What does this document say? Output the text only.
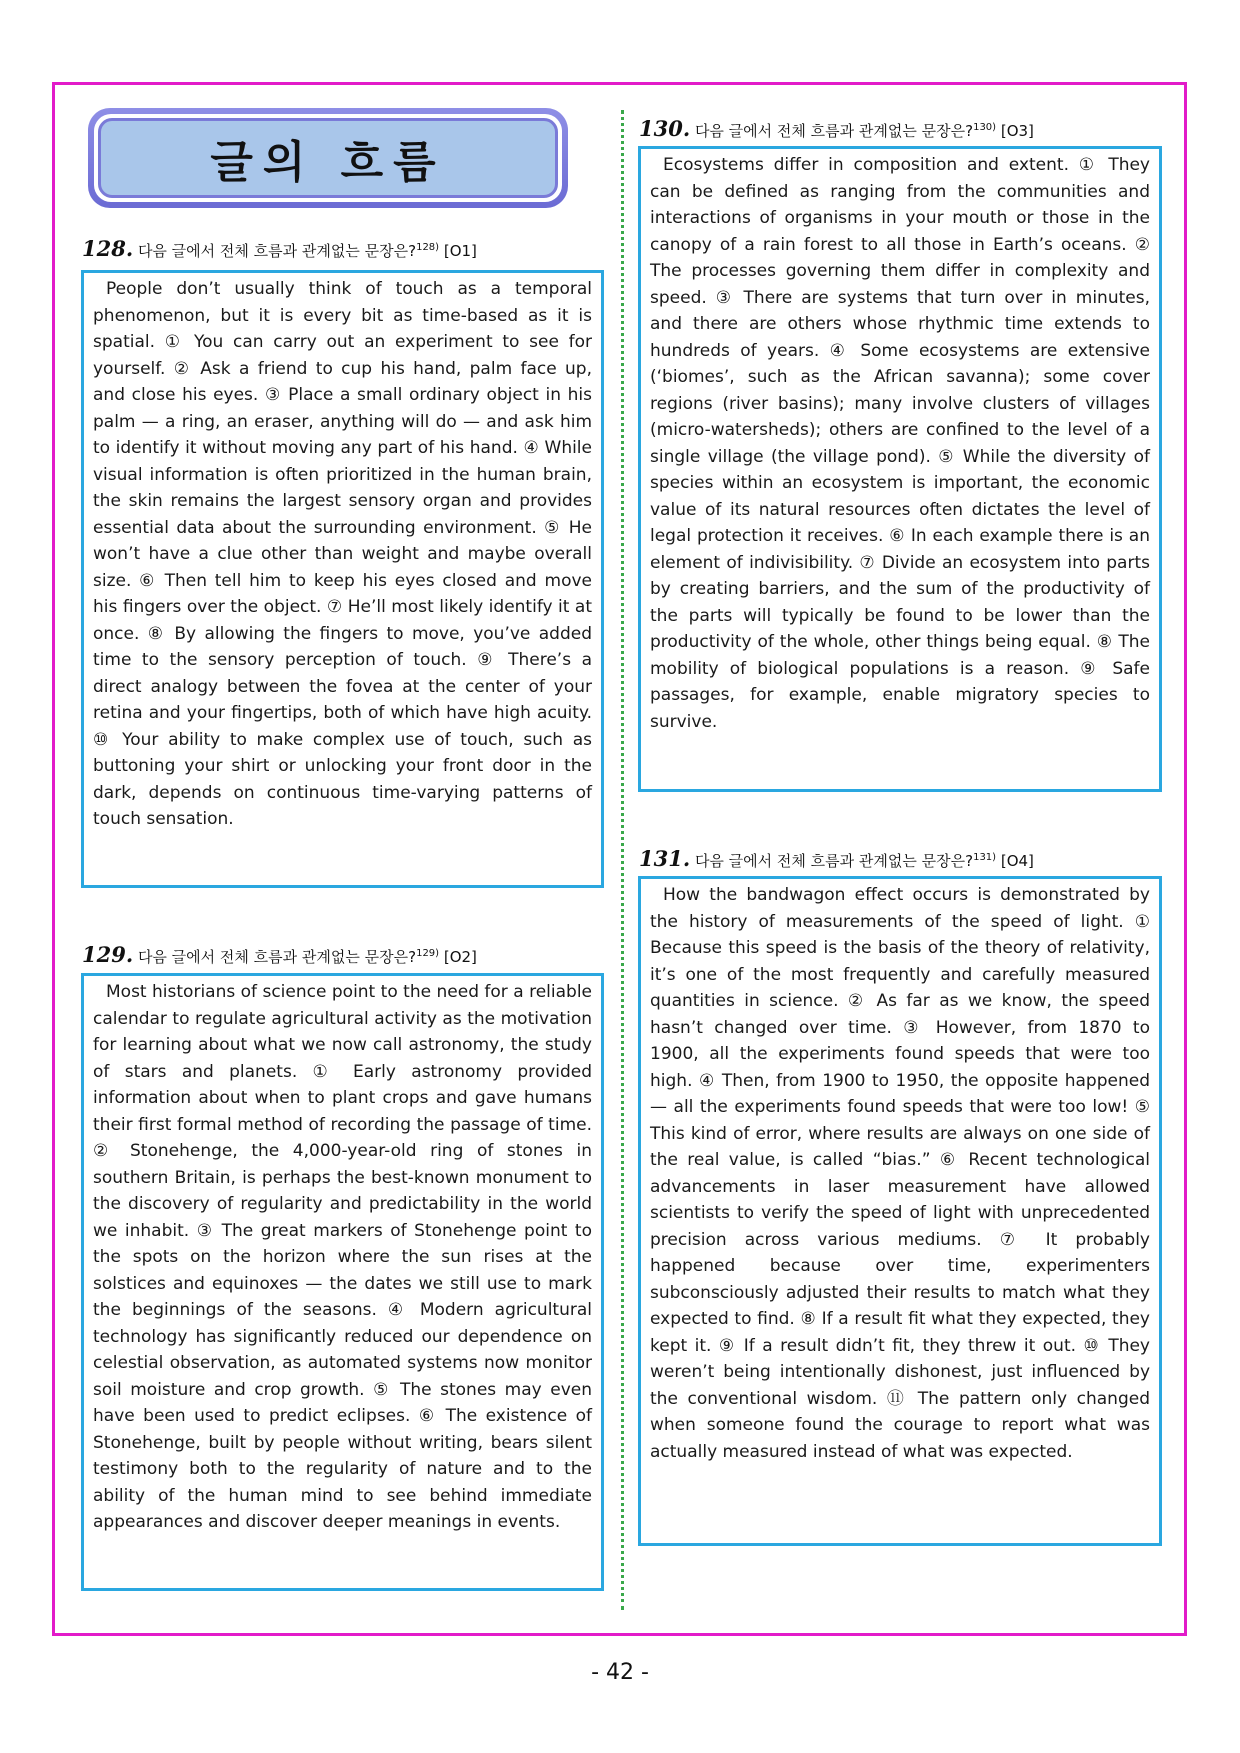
글의 흐름
128. 다음 글에서 전체 흐름과 관계없는 문장은?$^{128)}$ [O1]
People don’t usually think of touch as a temporal phenomenon, but it is every bit as time-based as it is spatial. ① You can carry out an experiment to see for yourself. ② Ask a friend to cup his hand, palm face up, and close his eyes. ③ Place a small ordinary object in his palm — a ring, an eraser, anything will do — and ask him to identify it without moving any part of his hand. ④ While visual information is often prioritized in the human brain, the skin remains the largest sensory organ and provides essential data about the surrounding environment. ⑤ He won’t have a clue other than weight and maybe overall size. ⑥ Then tell him to keep his eyes closed and move his fingers over the object. ⑦ He’ll most likely identify it at once. ⑧ By allowing the fingers to move, you’ve added time to the sensory perception of touch. ⑨ There’s a direct analogy between the fovea at the center of your retina and your fingertips, both of which have high acuity. ⑩ Your ability to make complex use of touch, such as buttoning your shirt or unlocking your front door in the dark, depends on continuous time-varying patterns of touch sensation.
129. 다음 글에서 전체 흐름과 관계없는 문장은?$^{129)}$ [O2]
Most historians of science point to the need for a reliable calendar to regulate agricultural activity as the motivation for learning about what we now call astronomy, the study of stars and planets. ① Early astronomy provided information about when to plant crops and gave humans their first formal method of recording the passage of time. ② Stonehenge, the 4,000-year-old ring of stones in southern Britain, is perhaps the best-known monument to the discovery of regularity and predictability in the world we inhabit. ③ The great markers of Stonehenge point to the spots on the horizon where the sun rises at the solstices and equinoxes — the dates we still use to mark the beginnings of the seasons. ④ Modern agricultural technology has significantly reduced our dependence on celestial observation, as automated systems now monitor soil moisture and crop growth. ⑤ The stones may even have been used to predict eclipses. ⑥ The existence of Stonehenge, built by people without writing, bears silent testimony both to the regularity of nature and to the ability of the human mind to see behind immediate appearances and discover deeper meanings in events.
130. 다음 글에서 전체 흐름과 관계없는 문장은?$^{130)}$ [O3]
Ecosystems differ in composition and extent. ① They can be defined as ranging from the communities and interactions of organisms in your mouth or those in the canopy of a rain forest to all those in Earth’s oceans. ② The processes governing them differ in complexity and speed. ③ There are systems that turn over in minutes, and there are others whose rhythmic time extends to hundreds of years. ④ Some ecosystems are extensive (‘biomes’, such as the African savanna); some cover regions (river basins); many involve clusters of villages (micro-watersheds); others are confined to the level of a single village (the village pond). ⑤ While the diversity of species within an ecosystem is important, the economic value of its natural resources often dictates the level of legal protection it receives. ⑥ In each example there is an element of indivisibility. ⑦ Divide an ecosystem into parts by creating barriers, and the sum of the productivity of the parts will typically be found to be lower than the productivity of the whole, other things being equal. ⑧ The mobility of biological populations is a reason. ⑨ Safe passages, for example, enable migratory species to survive.
131. 다음 글에서 전체 흐름과 관계없는 문장은?$^{131)}$ [O4]
How the bandwagon effect occurs is demonstrated by the history of measurements of the speed of light. ① Because this speed is the basis of the theory of relativity, it’s one of the most frequently and carefully measured quantities in science. ② As far as we know, the speed hasn’t changed over time. ③ However, from 1870 to 1900, all the experiments found speeds that were too high. ④ Then, from 1900 to 1950, the opposite happened — all the experiments found speeds that were too low! ⑤ This kind of error, where results are always on one side of the real value, is called “bias.” ⑥ Recent technological advancements in laser measurement have allowed scientists to verify the speed of light with unprecedented precision across various mediums. ⑦ It probably happened because over time, experimenters subconsciously adjusted their results to match what they expected to find. ⑧ If a result fit what they expected, they kept it. ⑨ If a result didn’t fit, they threw it out. ⑩ They weren’t being intentionally dishonest, just influenced by the conventional wisdom. ⑪ The pattern only changed when someone found the courage to report what was actually measured instead of what was expected.
- 42 -
